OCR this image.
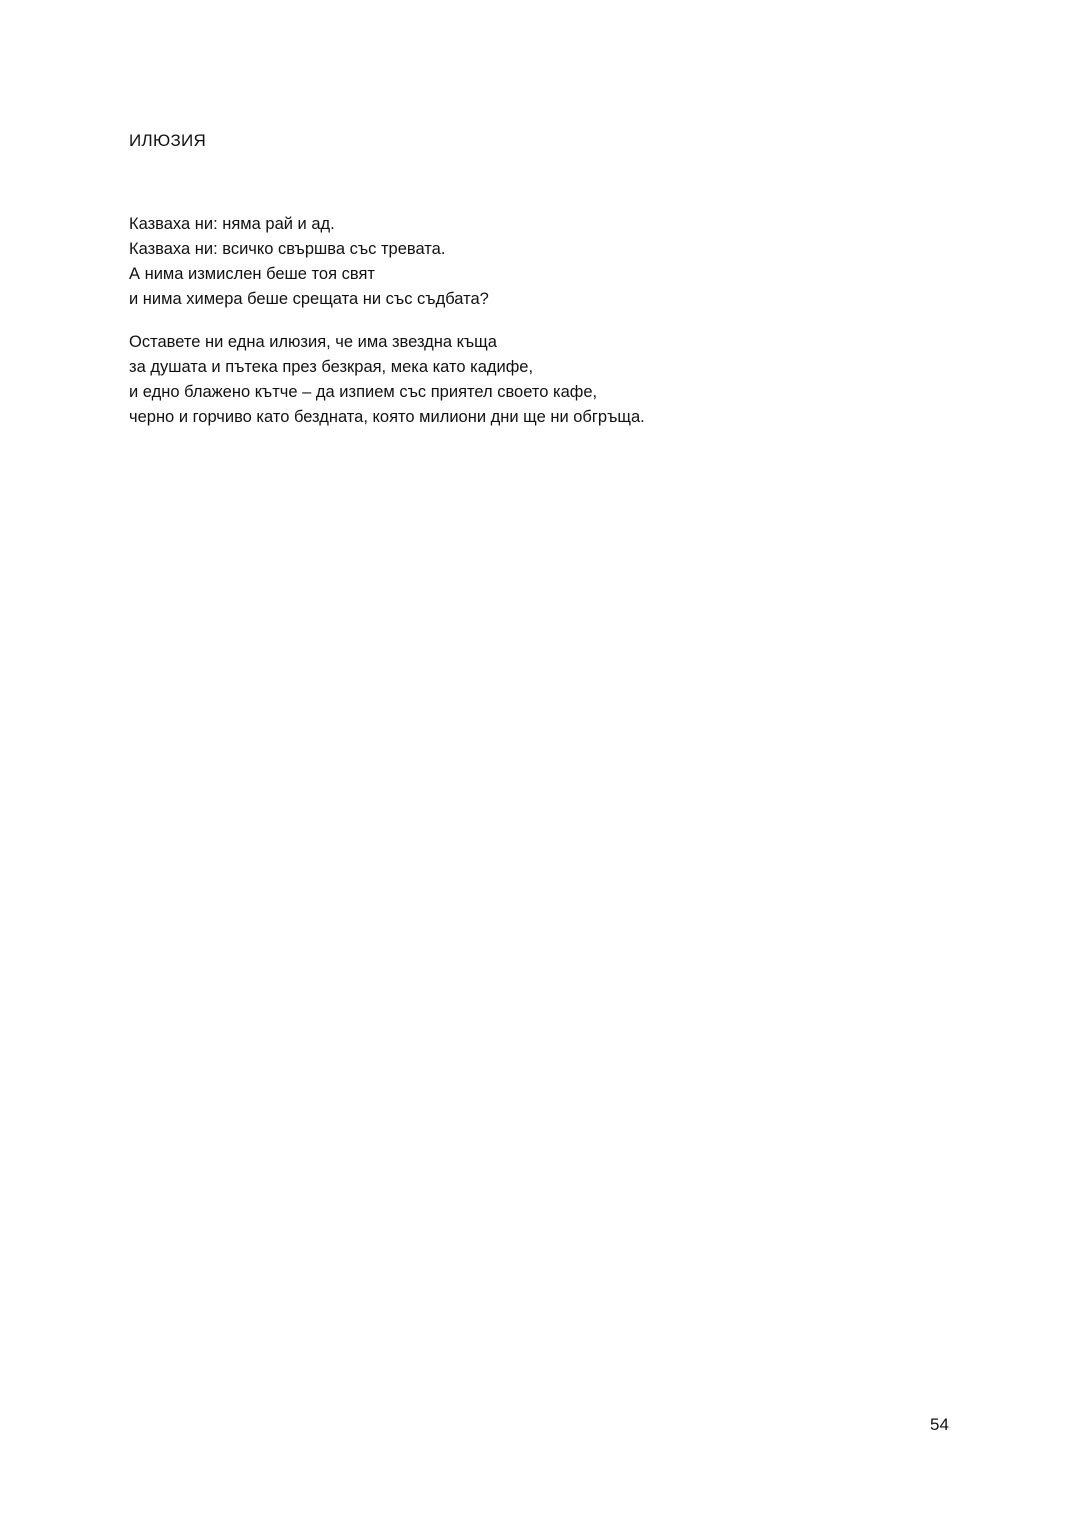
ИЛЮЗИЯ
Казваха ни: няма рай и ад.
Казваха ни: всичко свършва със тревата.
А нима измислен беше тоя свят
и нима химера беше срещата ни със съдбата?
Оставете ни една илюзия, че има звездна къща
за душата и пътека през безкрая, мека като кадифе,
и едно блажено кътче – да изпием със приятел своето кафе,
черно и горчиво като бездната, която милиони дни ще ни обгръща.
54
